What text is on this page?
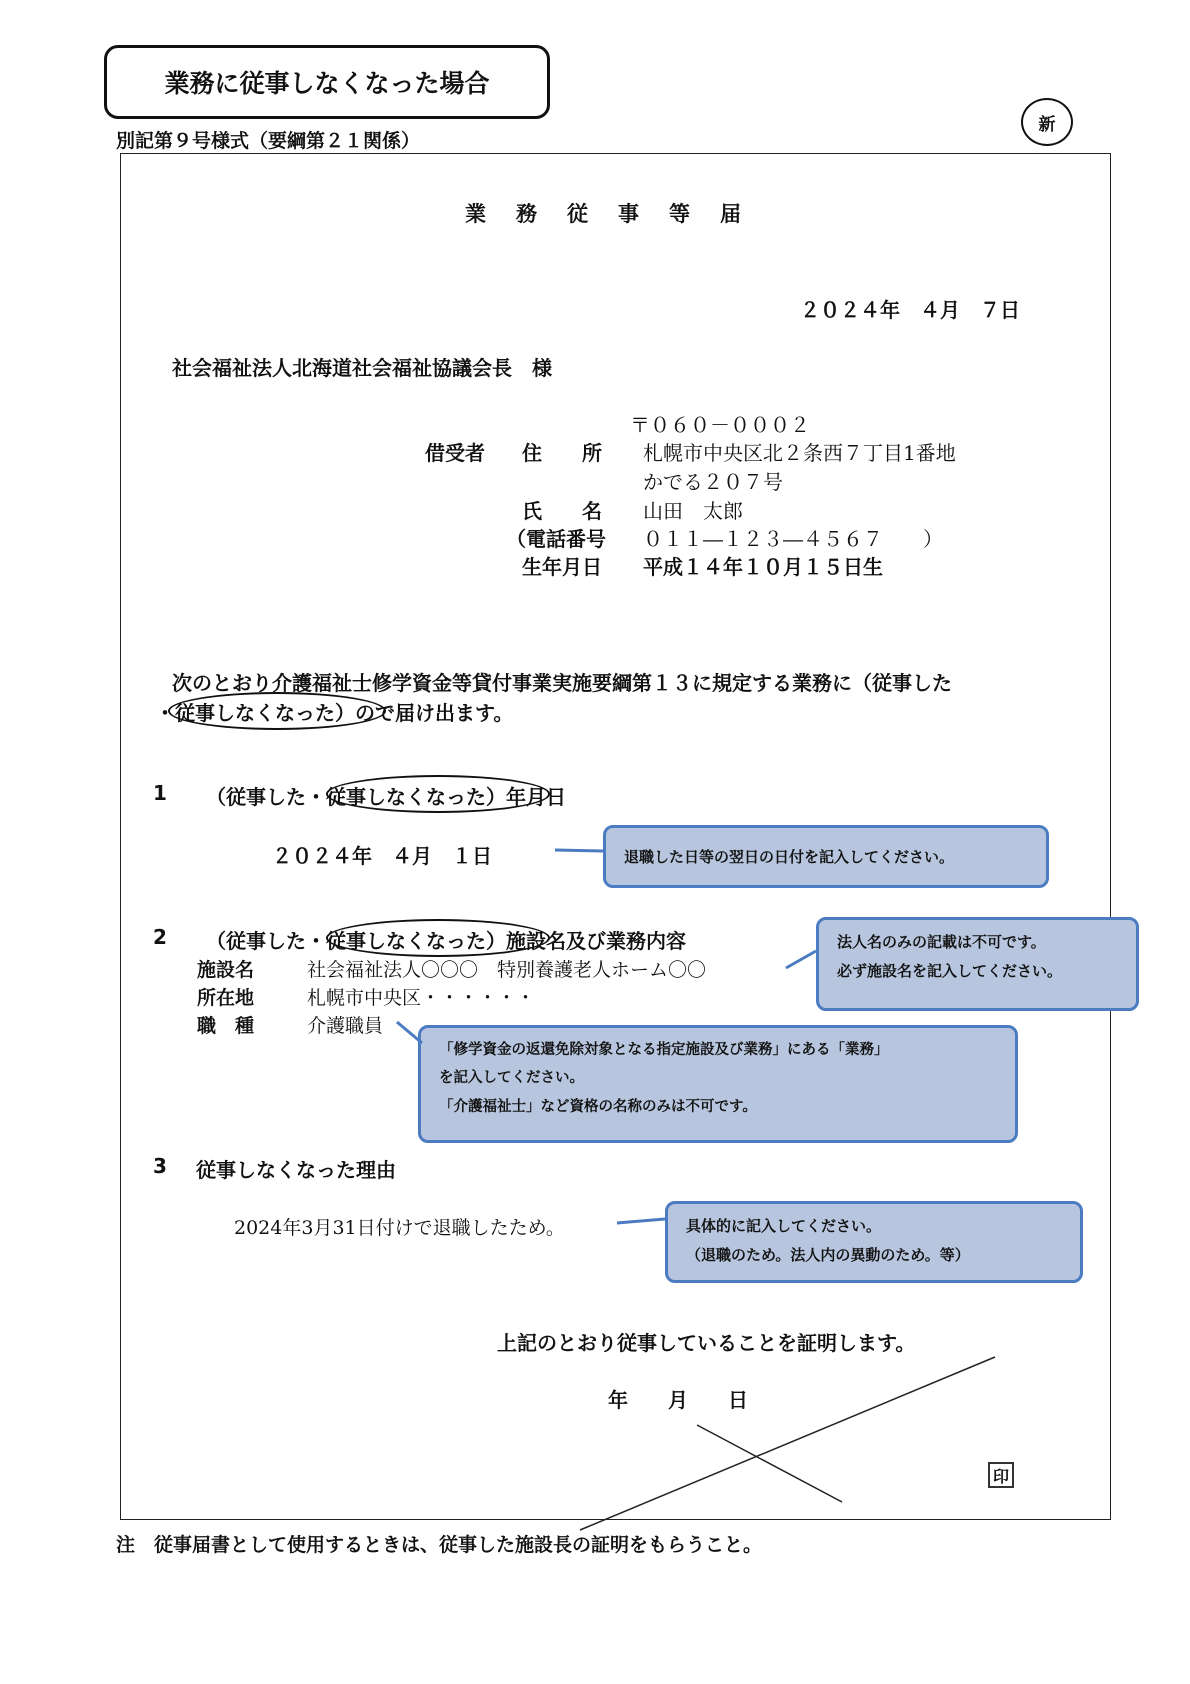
業務に従事しなくなった場合
別記第９号様式（要綱第２１関係）
新
業務従事等届
２０２４年　４月　７日
社会福祉法人北海道社会福祉協議会長　様
〒０６０－０００２
借受者 住　　所 札幌市中央区北２条西７丁目1番地
かでる２０７号
氏　　名 山田　太郎
（電話番号 ０１１―１２３―４５６７　　）
生年月日 平成１４年１０月１５日生
次のとおり介護福祉士修学資金等貸付事業実施要綱第１３に規定する業務に（従事した
・従事しなくなった）ので届け出ます。
1 （従事した・従事しなくなった）年月日
２０２４年　４月　１日	退職した日等の翌日の日付を記入してください。
2 （従事した・従事しなくなった）施設名及び業務内容
施設名	社会福祉法人〇〇〇　特別養護老人ホーム〇〇
所在地	札幌市中央区・・・・・・
職　種	介護職員
法人名のみの記載は不可です。
必ず施設名を記入してください。
「修学資金の返還免除対象となる指定施設及び業務」にある「業務」
を記入してください。
「介護福祉士」など資格の名称のみは不可です。
3 従事しなくなった理由
2024年3月31日付けで退職したため。	具体的に記入してください。
（退職のため。法人内の異動のため。等）
上記のとおり従事していることを証明します。
年　　月　　日
印
注　従事届書として使用するときは、従事した施設長の証明をもらうこと。
